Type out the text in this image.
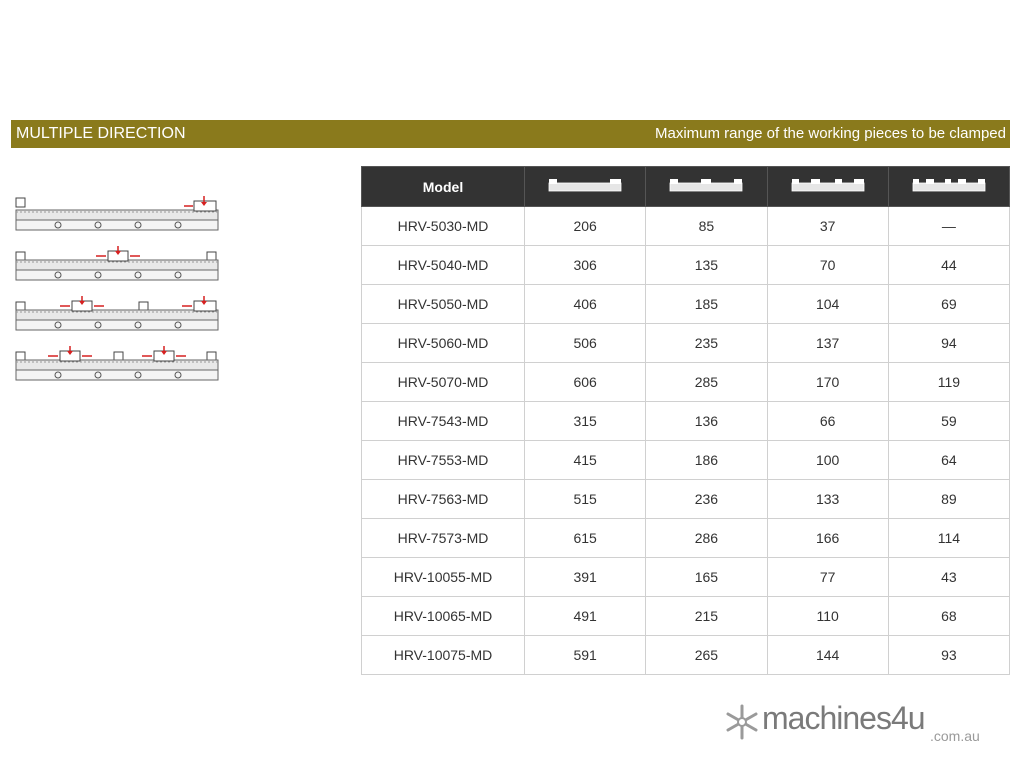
MULTIPLE DIRECTION	Maximum range of the working pieces to be clamped
Model				
HRV-5030-MD	206	85	37	—
HRV-5040-MD	306	135	70	44
HRV-5050-MD	406	185	104	69
HRV-5060-MD	506	235	137	94
HRV-5070-MD	606	285	170	119
HRV-7543-MD	315	136	66	59
HRV-7553-MD	415	186	100	64
HRV-7563-MD	515	236	133	89
HRV-7573-MD	615	286	166	114
HRV-10055-MD	391	165	77	43
HRV-10065-MD	491	215	110	68
HRV-10075-MD	591	265	144	93
machines4u .com.au
